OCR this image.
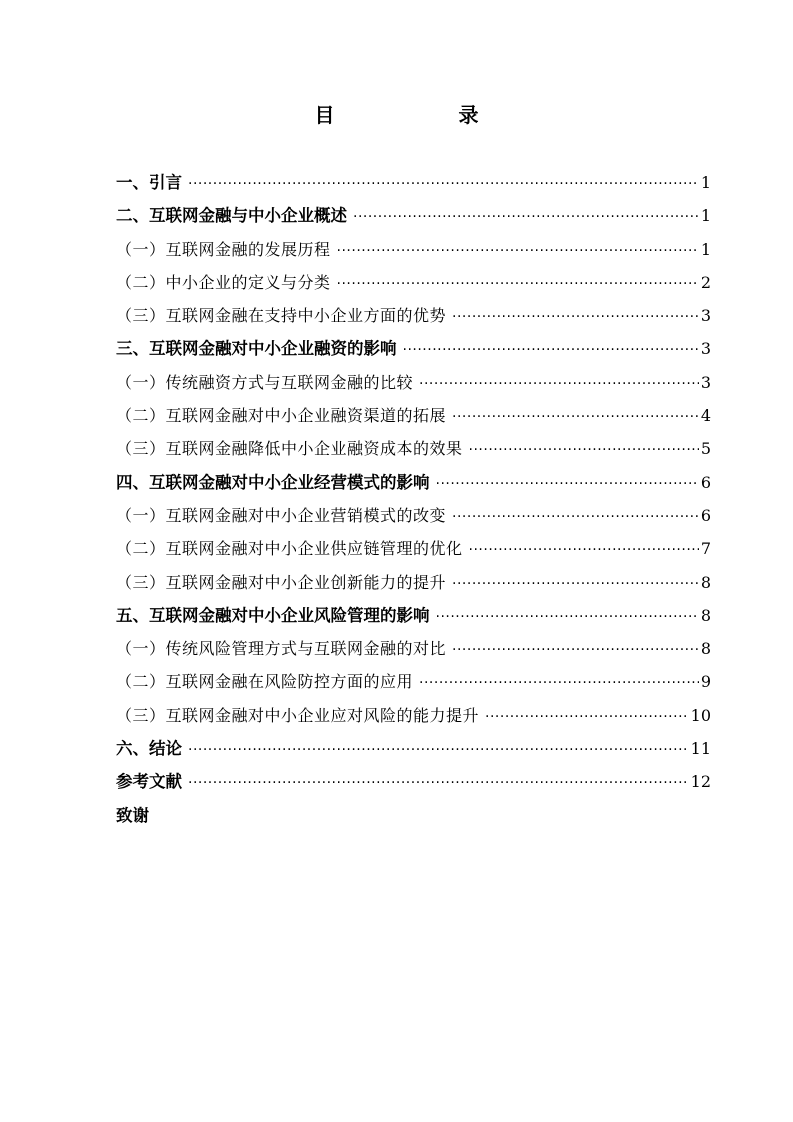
目　　录
一、引言 ·····	1
二、互联网金融与中小企业概述 ·····	1
（一）互联网金融的发展历程 ·····	1
（二）中小企业的定义与分类 ·····	2
（三）互联网金融在支持中小企业方面的优势 ·····	3
三、互联网金融对中小企业融资的影响 ·····	3
（一）传统融资方式与互联网金融的比较 ·····	3
（二）互联网金融对中小企业融资渠道的拓展 ·····	4
（三）互联网金融降低中小企业融资成本的效果 ·····	5
四、互联网金融对中小企业经营模式的影响 ·····	6
（一）互联网金融对中小企业营销模式的改变 ·····	6
（二）互联网金融对中小企业供应链管理的优化 ·····	7
（三）互联网金融对中小企业创新能力的提升 ·····	8
五、互联网金融对中小企业风险管理的影响 ·····	8
（一）传统风险管理方式与互联网金融的对比 ·····	8
（二）互联网金融在风险防控方面的应用 ·····	9
（三）互联网金融对中小企业应对风险的能力提升 ·····	10
六、结论 ·····	11
参考文献 ·····	12
致谢
